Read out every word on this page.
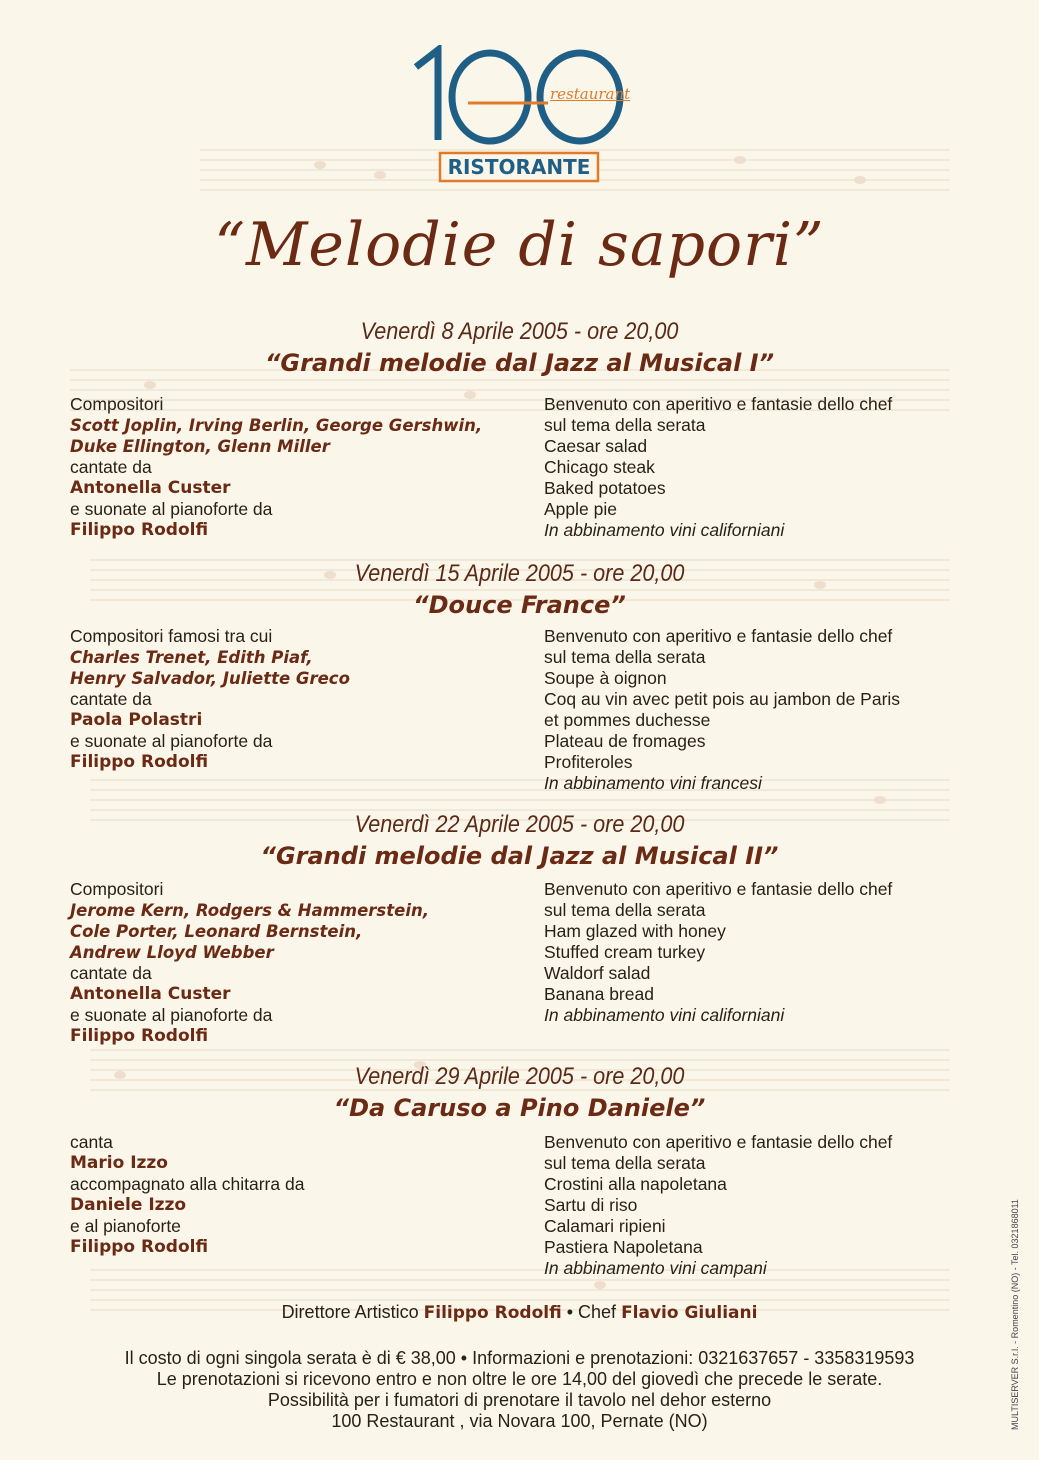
restaurant
RISTORANTE
“Melodie di sapori”
Venerdì 8 Aprile 2005 - ore 20,00
“Grandi melodie dal Jazz al Musical I”
Compositori
Scott Joplin, Irving Berlin, George Gershwin,
Duke Ellington, Glenn Miller
cantate da
Antonella Custer
e suonate al pianoforte da
Filippo Rodolfi
Benvenuto con aperitivo e fantasie dello chef
sul tema della serata
Caesar salad
Chicago steak
Baked potatoes
Apple pie
In abbinamento vini californiani
Venerdì 15 Aprile 2005 - ore 20,00
“Douce France”
Compositori famosi tra cui
Charles Trenet, Edith Piaf,
Henry Salvador, Juliette Greco
cantate da
Paola Polastri
e suonate al pianoforte da
Filippo Rodolfi
Benvenuto con aperitivo e fantasie dello chef
sul tema della serata
Soupe à oignon
Coq au vin avec petit pois au jambon de Paris
et pommes duchesse
Plateau de fromages
Profiteroles
In abbinamento vini francesi
Venerdì 22 Aprile 2005 - ore 20,00
“Grandi melodie dal Jazz al Musical II”
Compositori
Jerome Kern, Rodgers & Hammerstein,
Cole Porter, Leonard Bernstein,
Andrew Lloyd Webber
cantate da
Antonella Custer
e suonate al pianoforte da
Filippo Rodolfi
Benvenuto con aperitivo e fantasie dello chef
sul tema della serata
Ham glazed with honey
Stuffed cream turkey
Waldorf salad
Banana bread
In abbinamento vini californiani
Venerdì 29 Aprile 2005 - ore 20,00
“Da Caruso a Pino Daniele”
canta
Mario Izzo
accompagnato alla chitarra da
Daniele Izzo
e al pianoforte
Filippo Rodolfi
Benvenuto con aperitivo e fantasie dello chef
sul tema della serata
Crostini alla napoletana
Sartu di riso
Calamari ripieni
Pastiera Napoletana
In abbinamento vini campani
Direttore Artistico Filippo Rodolfi • Chef Flavio Giuliani
Il costo di ogni singola serata è di € 38,00 • Informazioni e prenotazioni: 0321637657 - 3358319593
Le prenotazioni si ricevono entro e non oltre le ore 14,00 del giovedì che precede le serate.
Possibilità per i fumatori di prenotare il tavolo nel dehor esterno
100 Restaurant , via Novara 100, Pernate (NO)	MULTISERVER S.r.l. - Romentino (NO) - Tel. 0321868011
